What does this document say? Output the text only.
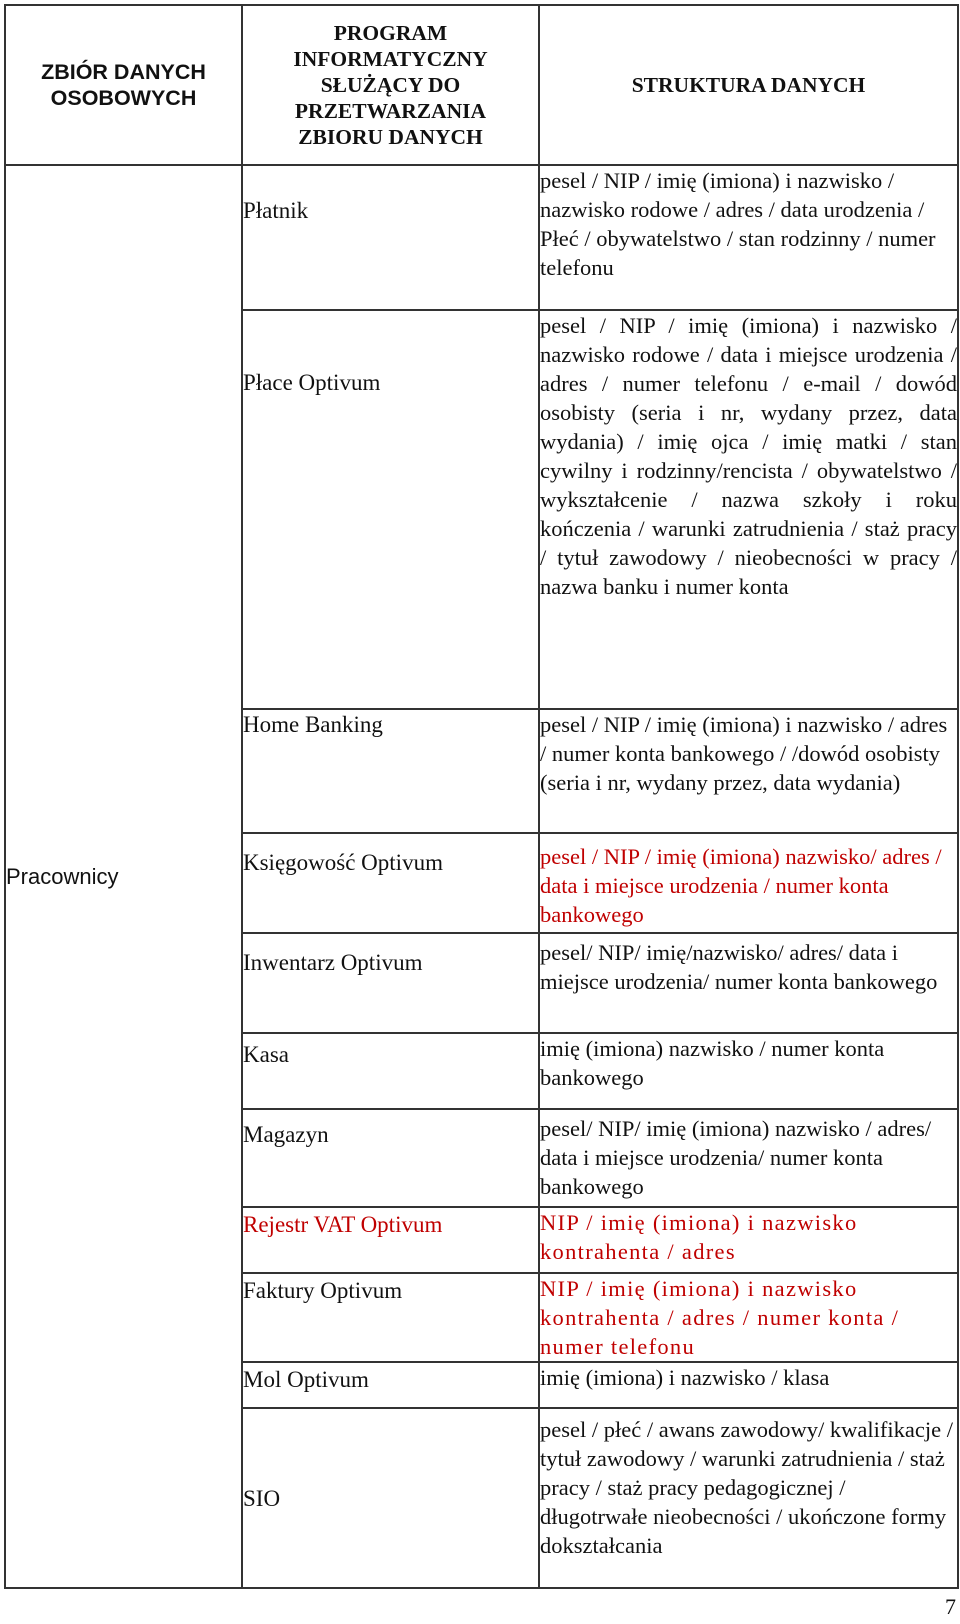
ZBIÓR DANYCH OSOBOWYCH	PROGRAM INFORMATYCZNY SŁUŻĄCY DO PRZETWARZANIA ZBIORU DANYCH	STRUKTURA DANYCH
Pracownicy	Płatnik	pesel / NIP / imię (imiona) i nazwisko / nazwisko rodowe / adres / data urodzenia / Płeć / obywatelstwo / stan rodzinny / numer telefonu
	Płace Optivum	pesel / NIP / imię (imiona) i nazwisko / nazwisko rodowe / data i miejsce urodzenia / adres / numer telefonu / e-mail / dowód osobisty (seria i nr, wydany przez, data wydania) / imię ojca / imię matki / stan cywilny i rodzinny/rencista / obywatelstwo / wykształcenie / nazwa szkoły i roku kończenia / warunki zatrudnienia / staż pracy / tytuł zawodowy / nieobecności w pracy / nazwa banku i numer konta
	Home Banking	pesel / NIP / imię (imiona) i nazwisko / adres / numer konta bankowego / /dowód osobisty (seria i nr, wydany przez, data wydania)
	Księgowość Optivum	pesel / NIP / imię (imiona) nazwisko/ adres / data i miejsce urodzenia / numer konta bankowego
	Inwentarz Optivum	pesel/ NIP/ imię/nazwisko/ adres/ data i miejsce urodzenia/ numer konta bankowego
	Kasa	imię (imiona) nazwisko / numer konta bankowego
	Magazyn	pesel/ NIP/ imię (imiona) nazwisko / adres/ data i miejsce urodzenia/ numer konta bankowego
	Rejestr VAT Optivum	NIP / imię (imiona) i nazwisko kontrahenta / adres
	Faktury Optivum	NIP / imię (imiona) i nazwisko kontrahenta / adres / numer konta / numer telefonu
	Mol Optivum	imię (imiona) i nazwisko / klasa
	SIO	pesel / płeć / awans zawodowy/ kwalifikacje / tytuł zawodowy / warunki zatrudnienia / staż pracy / staż pracy pedagogicznej / długotrwałe nieobecności / ukończone formy dokształcania
7
